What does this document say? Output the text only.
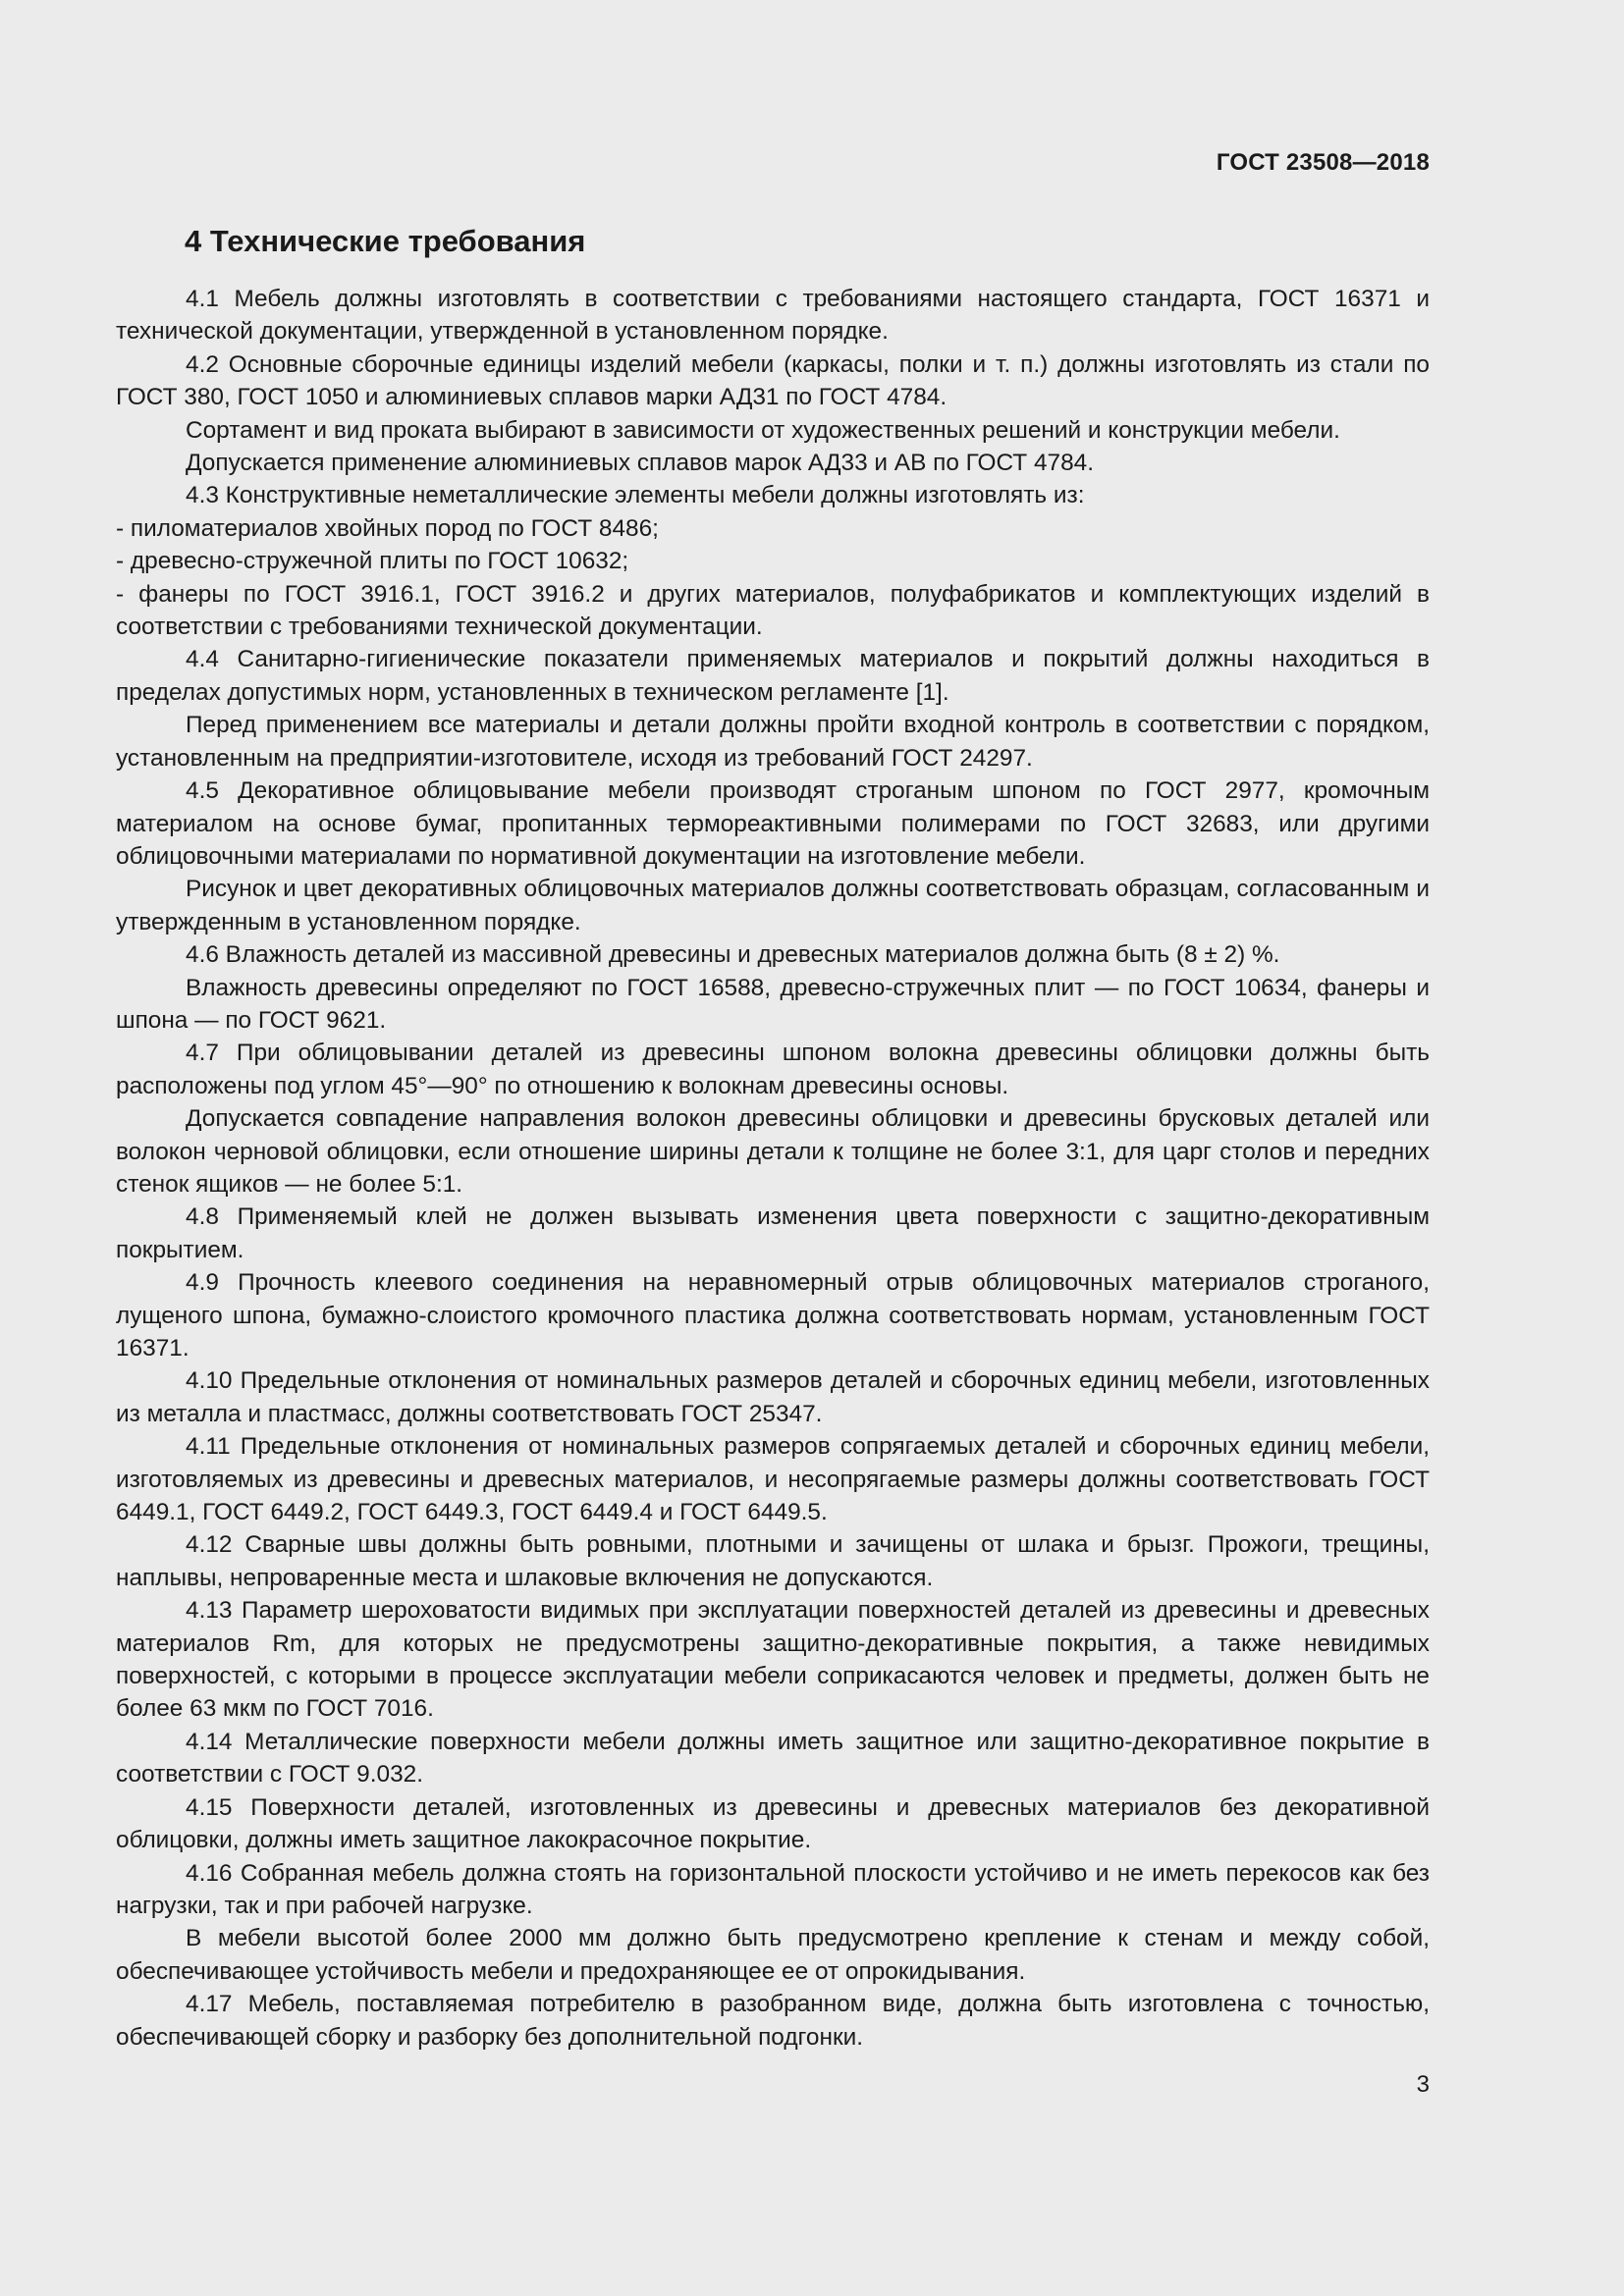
ГОСТ 23508—2018
4 Технические требования

4.1 Мебель должны изготовлять в соответствии с требованиями настоящего стандарта, ГОСТ 16371 и технической документации, утвержденной в установленном порядке.

4.2 Основные сборочные единицы изделий мебели (каркасы, полки и т. п.) должны изготовлять из стали по ГОСТ 380, ГОСТ 1050 и алюминиевых сплавов марки АД31 по ГОСТ 4784.

Сортамент и вид проката выбирают в зависимости от художественных решений и конструкции мебели.

Допускается применение алюминиевых сплавов марок АД33 и АВ по ГОСТ 4784.

4.3 Конструктивные неметаллические элементы мебели должны изготовлять из:

- пиломатериалов хвойных пород по ГОСТ 8486;

- древесно-стружечной плиты по ГОСТ 10632;

- фанеры по ГОСТ 3916.1, ГОСТ 3916.2 и других материалов, полуфабрикатов и комплектующих изделий в соответствии с требованиями технической документации.

4.4 Санитарно-гигиенические показатели применяемых материалов и покрытий должны находиться в пределах допустимых норм, установленных в техническом регламенте [1].

Перед применением все материалы и детали должны пройти входной контроль в соответствии с порядком, установленным на предприятии-изготовителе, исходя из требований ГОСТ 24297.

4.5 Декоративное облицовывание мебели производят строганым шпоном по ГОСТ 2977, кромочным материалом на основе бумаг, пропитанных термореактивными полимерами по ГОСТ 32683, или другими облицовочными материалами по нормативной документации на изготовление мебели.

Рисунок и цвет декоративных облицовочных материалов должны соответствовать образцам, согласованным и утвержденным в установленном порядке.

4.6 Влажность деталей из массивной древесины и древесных материалов должна быть (8 ± 2) %.

Влажность древесины определяют по ГОСТ 16588, древесно-стружечных плит — по ГОСТ 10634, фанеры и шпона — по ГОСТ 9621.

4.7 При облицовывании деталей из древесины шпоном волокна древесины облицовки должны быть расположены под углом 45°—90° по отношению к волокнам древесины основы.

Допускается совпадение направления волокон древесины облицовки и древесины брусковых деталей или волокон черновой облицовки, если отношение ширины детали к толщине не более 3:1, для царг столов и передних стенок ящиков — не более 5:1.

4.8 Применяемый клей не должен вызывать изменения цвета поверхности с защитно-декоративным покрытием.

4.9 Прочность клеевого соединения на неравномерный отрыв облицовочных материалов строганого, лущеного шпона, бумажно-слоистого кромочного пластика должна соответствовать нормам, установленным ГОСТ 16371.

4.10 Предельные отклонения от номинальных размеров деталей и сборочных единиц мебели, изготовленных из металла и пластмасс, должны соответствовать ГОСТ 25347.

4.11 Предельные отклонения от номинальных размеров сопрягаемых деталей и сборочных единиц мебели, изготовляемых из древесины и древесных материалов, и несопрягаемые размеры должны соответствовать ГОСТ 6449.1, ГОСТ 6449.2, ГОСТ 6449.3, ГОСТ 6449.4 и ГОСТ 6449.5.

4.12 Сварные швы должны быть ровными, плотными и зачищены от шлака и брызг. Прожоги, трещины, наплывы, непроваренные места и шлаковые включения не допускаются.

4.13 Параметр шероховатости видимых при эксплуатации поверхностей деталей из древесины и древесных материалов Rm, для которых не предусмотрены защитно-декоративные покрытия, а также невидимых поверхностей, с которыми в процессе эксплуатации мебели соприкасаются человек и предметы, должен быть не более 63 мкм по ГОСТ 7016.

4.14 Металлические поверхности мебели должны иметь защитное или защитно-декоративное покрытие в соответствии с ГОСТ 9.032.

4.15 Поверхности деталей, изготовленных из древесины и древесных материалов без декоративной облицовки, должны иметь защитное лакокрасочное покрытие.

4.16 Собранная мебель должна стоять на горизонтальной плоскости устойчиво и не иметь перекосов как без нагрузки, так и при рабочей нагрузке.

В мебели высотой более 2000 мм должно быть предусмотрено крепление к стенам и между собой, обеспечивающее устойчивость мебели и предохраняющее ее от опрокидывания.

4.17 Мебель, поставляемая потребителю в разобранном виде, должна быть изготовлена с точностью, обеспечивающей сборку и разборку без дополнительной подгонки.

3
